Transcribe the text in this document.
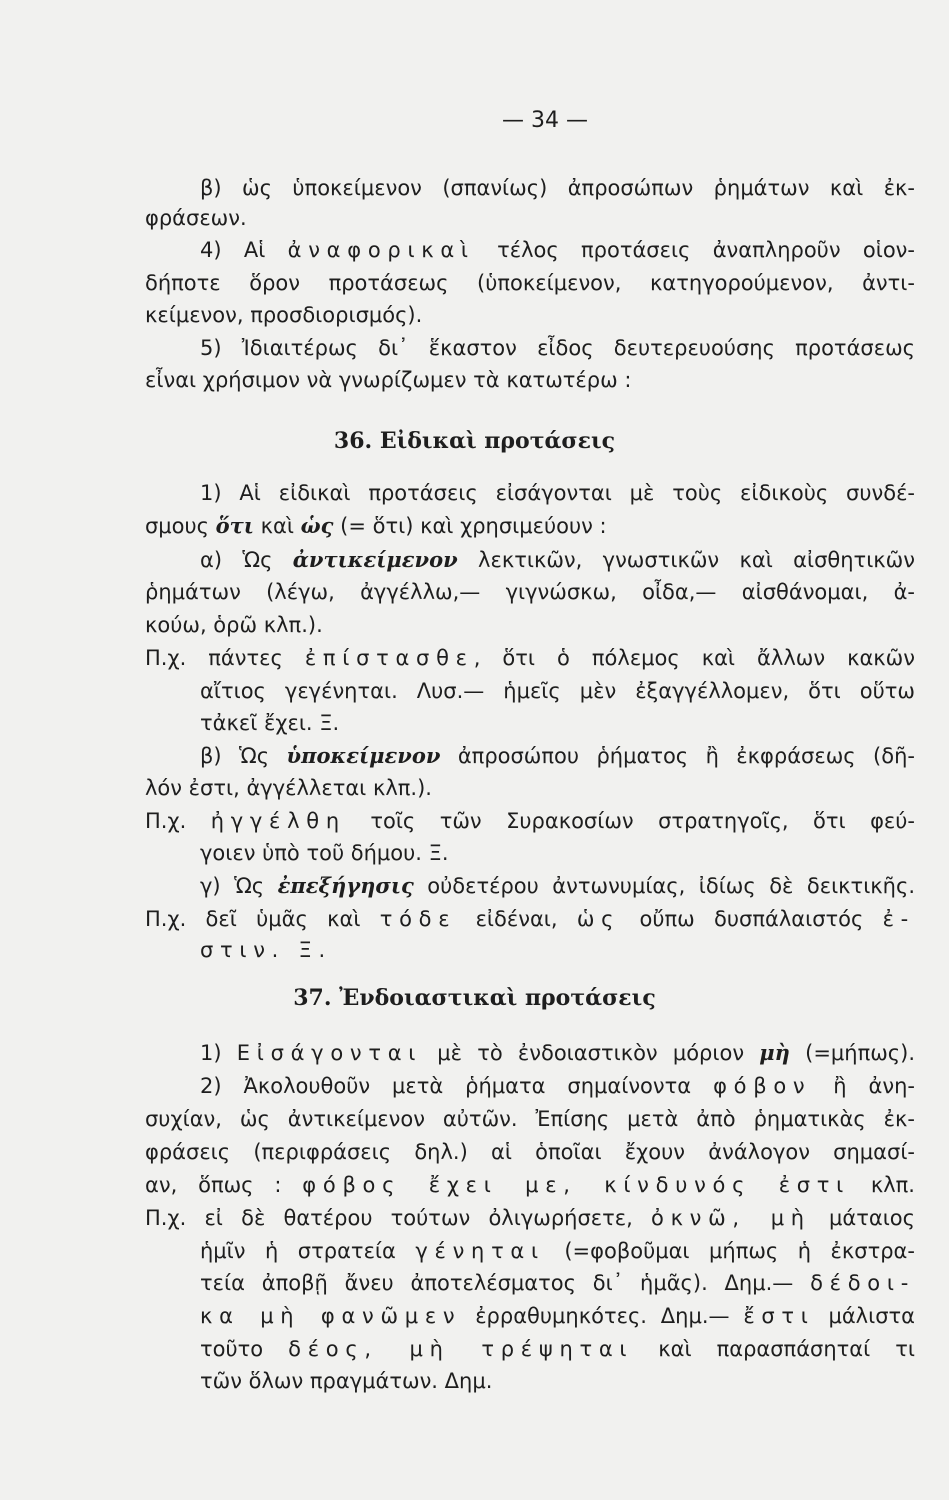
— 34 —
β) ὡς ὑποκείμενον (σπανίως) ἀπροσώπων ῥημάτων καὶ ἐκ-
φράσεων.
4) Αἱ ἀναφορικαὶ τέλος προτάσεις ἀναπληροῦν οἱον-
δήποτε ὅρον προτάσεως (ὑποκείμενον, κατηγορούμενον, ἀντι-
κείμενον, προσδιορισμός).
5) Ἰδιαιτέρως δι᾽ ἕκαστον εἶδος δευτερευούσης προτάσεως
εἶναι χρήσιμον νὰ γνωρίζωμεν τὰ κατωτέρω :
1) Αἱ εἰδικαὶ προτάσεις εἰσάγονται μὲ τοὺς εἰδικοὺς συνδέ-
σμους ὅτι καὶ ὡς (= ὅτι) καὶ χρησιμεύουν :
α) Ὡς ἀντικείμενον λεκτικῶν, γνωστικῶν καὶ αἰσθητικῶν
ῥημάτων (λέγω, ἀγγέλλω,— γιγνώσκω, οἶδα,— αἰσθάνομαι, ἀ-
κούω, ὁρῶ κλπ.).
Π.χ. πάντες ἐπίστασθε, ὅτι ὁ πόλεμος καὶ ἄλλων κακῶν
αἴτιος γεγένηται. Λυσ.— ἡμεῖς μὲν ἐξαγγέλλομεν, ὅτι οὕτω
τἀκεῖ ἔχει. Ξ.
β) Ὡς ὑποκείμενον ἀπροσώπου ῥήματος ἢ ἐκφράσεως (δῆ-
λόν ἐστι, ἀγγέλλεται κλπ.).
Π.χ. ἠγγέλθη τοῖς τῶν Συρακοσίων στρατηγοῖς, ὅτι φεύ-
γοιεν ὑπὸ τοῦ δήμου. Ξ.
γ) Ὡς ἐπεξήγησις οὐδετέρου ἀντωνυμίας, ἰδίως δὲ δεικτικῆς.
Π.χ. δεῖ ὑμᾶς καὶ τόδε εἰδέναι, ὡς οὔπω δυσπάλαιστός ἐ-
στιν. Ξ.
1) Εἰσάγονται μὲ τὸ ἐνδοιαστικὸν μόριον μὴ (=μήπως).
2) Ἀκολουθοῦν μετὰ ῥήματα σημαίνοντα φόβον ἢ ἀνη-
συχίαν, ὡς ἀντικείμενον αὐτῶν. Ἐπίσης μετὰ ἀπὸ ῥηματικὰς ἐκ-
φράσεις (περιφράσεις δηλ.) αἱ ὁποῖαι ἔχουν ἀνάλογον σημασί-
αν, ὅπως : φόβος ἔχει με, κίνδυνός ἐστι κλπ.
Π.χ. εἰ δὲ θατέρου τούτων ὀλιγωρήσετε, ὀκνῶ, μὴ μάταιος
ἡμῖν ἡ στρατεία γένηται (=φοβοῦμαι μήπως ἡ ἐκστρα-
τεία ἀποβῇ ἄνευ ἀποτελέσματος δι᾽ ἡμᾶς). Δημ.— δέδοι-
κα μὴ φανῶμεν ἐρραθυμηκότες. Δημ.— ἔστι μάλιστα
τοῦτο δέος, μὴ τρέψηται καὶ παρασπάσηταί τι
τῶν ὅλων πραγμάτων. Δημ.
36. Εἰδικαὶ προτάσεις
37. Ἐνδοιαστικαὶ προτάσεις
